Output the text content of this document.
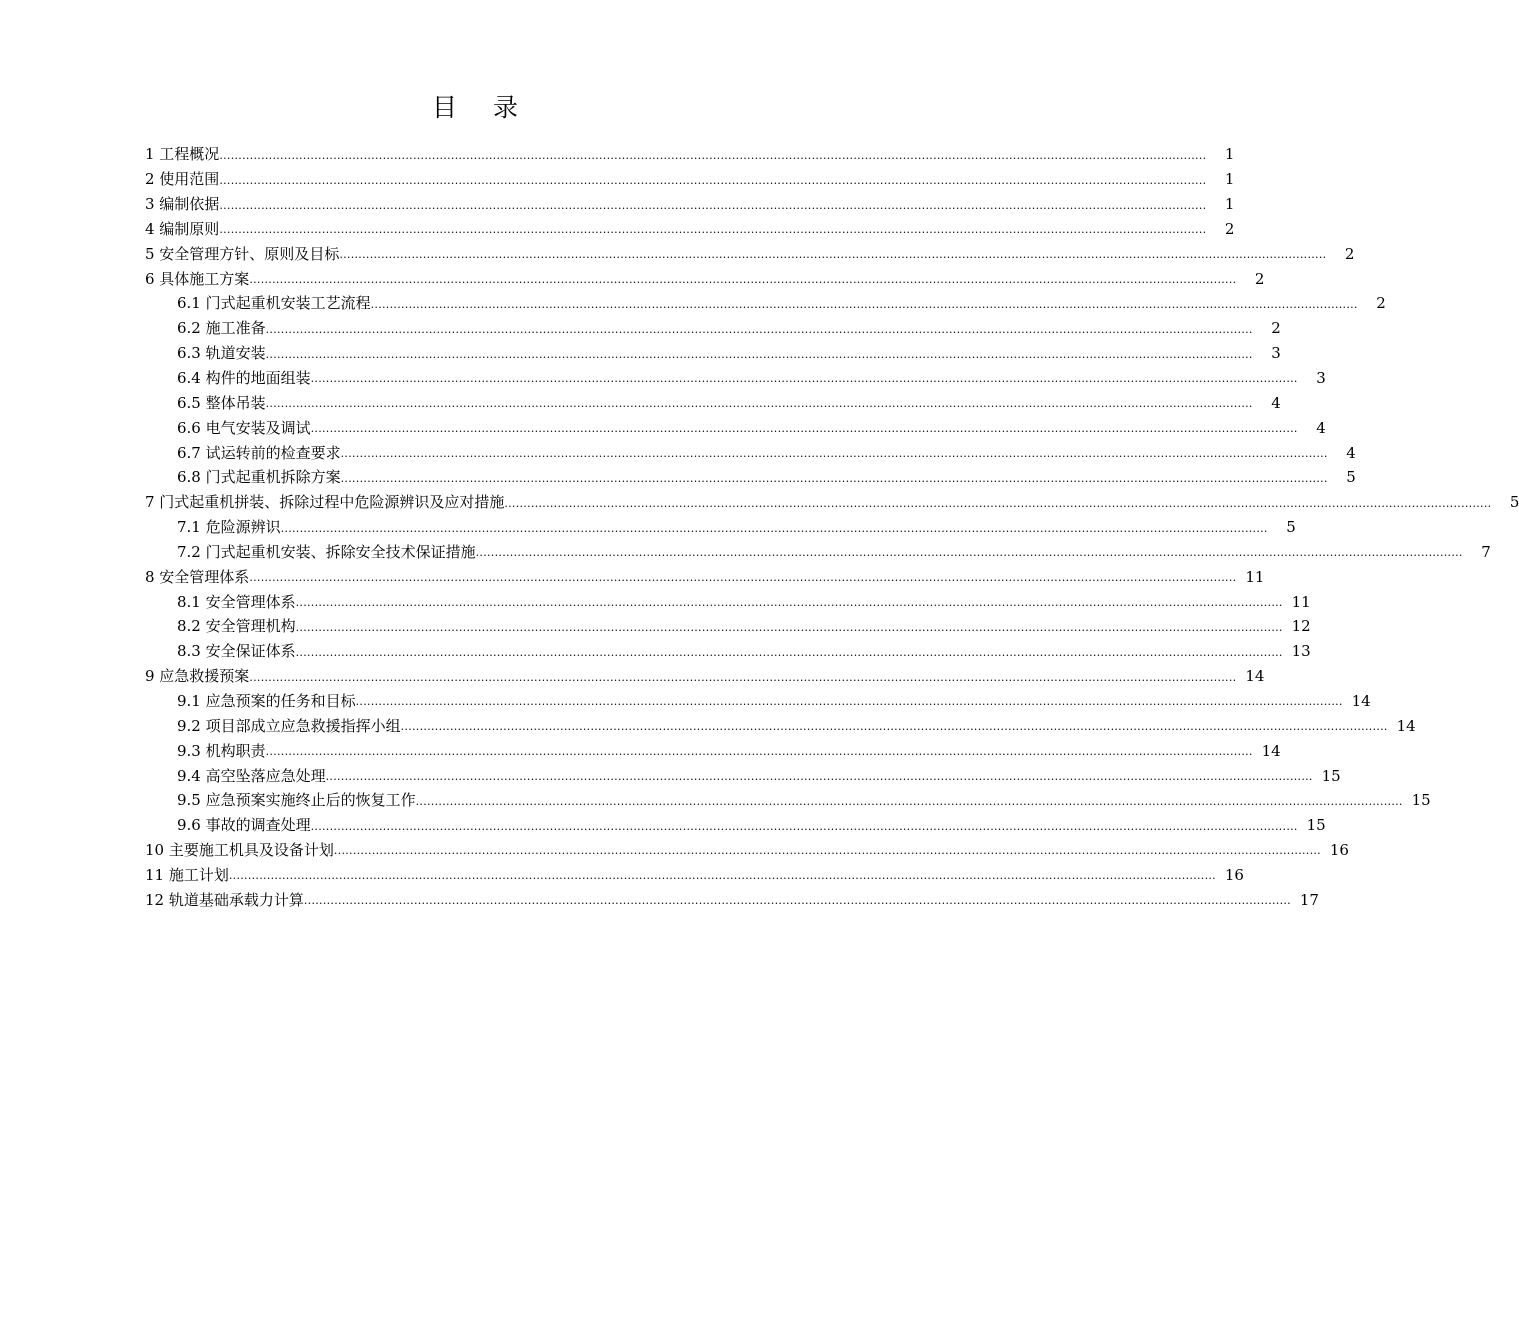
目 录
1 工程概况 ....................................................................................................................................................................................................................................................................	1
2 使用范围 ....................................................................................................................................................................................................................................................................	1
3 编制依据 ....................................................................................................................................................................................................................................................................	1
4 编制原则 ....................................................................................................................................................................................................................................................................	2
5 安全管理方针、原则及目标 ....................................................................................................................................................................................................................................................................	2
6 具体施工方案 ....................................................................................................................................................................................................................................................................	2
6.1 门式起重机安装工艺流程 ....................................................................................................................................................................................................................................................................	2
6.2 施工准备 ....................................................................................................................................................................................................................................................................	2
6.3 轨道安装 ....................................................................................................................................................................................................................................................................	3
6.4 构件的地面组装 ....................................................................................................................................................................................................................................................................	3
6.5 整体吊装 ....................................................................................................................................................................................................................................................................	4
6.6 电气安装及调试 ....................................................................................................................................................................................................................................................................	4
6.7 试运转前的检查要求 ....................................................................................................................................................................................................................................................................	4
6.8 门式起重机拆除方案 ....................................................................................................................................................................................................................................................................	5
7 门式起重机拼装、拆除过程中危险源辨识及应对措施 ....................................................................................................................................................................................................................................................................	5
7.1 危险源辨识 ....................................................................................................................................................................................................................................................................	5
7.2 门式起重机安装、拆除安全技术保证措施 ....................................................................................................................................................................................................................................................................	7
8 安全管理体系 .................................................................................................................................................................................................................................................................... 11
8.1 安全管理体系 .................................................................................................................................................................................................................................................................... 11
8.2 安全管理机构 .................................................................................................................................................................................................................................................................... 12
8.3 安全保证体系 .................................................................................................................................................................................................................................................................... 13
9 应急救援预案 .................................................................................................................................................................................................................................................................... 14
9.1 应急预案的任务和目标 .................................................................................................................................................................................................................................................................... 14
9.2 项目部成立应急救援指挥小组 .................................................................................................................................................................................................................................................................... 14
9.3 机构职责 .................................................................................................................................................................................................................................................................... 14
9.4 高空坠落应急处理 .................................................................................................................................................................................................................................................................... 15
9.5 应急预案实施终止后的恢复工作 .................................................................................................................................................................................................................................................................... 15
9.6 事故的调查处理 .................................................................................................................................................................................................................................................................... 15
10 主要施工机具及设备计划 .................................................................................................................................................................................................................................................................... 16
11 施工计划 .................................................................................................................................................................................................................................................................... 16
12 轨道基础承载力计算 .................................................................................................................................................................................................................................................................... 17
